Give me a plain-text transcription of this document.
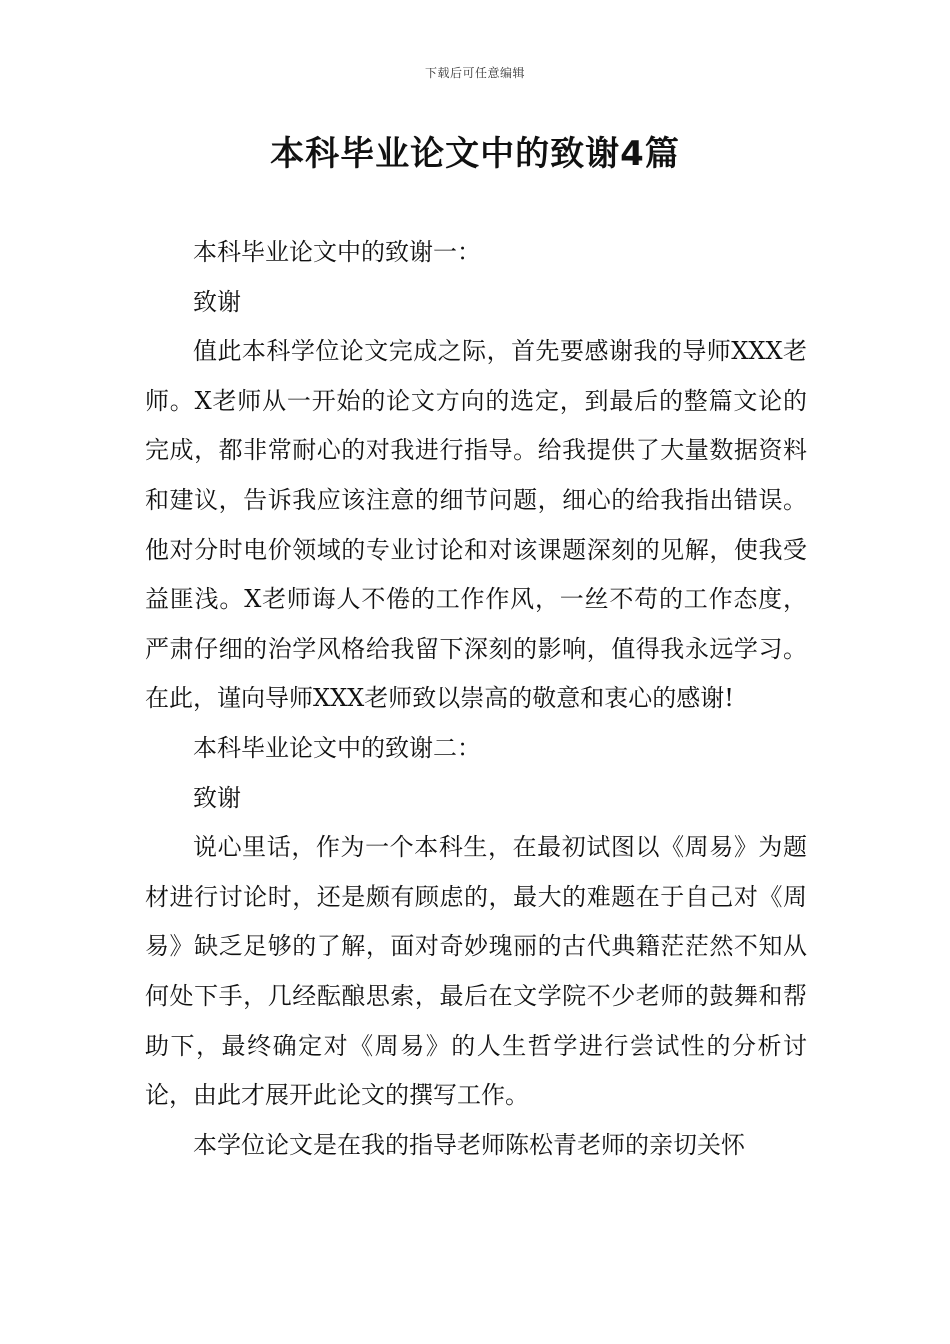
下载后可任意编辑
本科毕业论文中的致谢4篇

本科毕业论文中的致谢一：

致谢

值此本科学位论文完成之际，首先要感谢我的导师XXX老师。X老师从一开始的论文方向的选定，到最后的整篇文论的完成，都非常耐心的对我进行指导。给我提供了大量数据资料和建议，告诉我应该注意的细节问题，细心的给我指出错误。他对分时电价领域的专业讨论和对该课题深刻的见解，使我受益匪浅。X老师诲人不倦的工作作风，一丝不苟的工作态度，严肃仔细的治学风格给我留下深刻的影响，值得我永远学习。在此，谨向导师XXX老师致以崇高的敬意和衷心的感谢!

本科毕业论文中的致谢二：

致谢

说心里话，作为一个本科生，在最初试图以《周易》为题材进行讨论时，还是颇有顾虑的，最大的难题在于自己对《周易》缺乏足够的了解，面对奇妙瑰丽的古代典籍茫茫然不知从何处下手，几经酝酿思索，最后在文学院不少老师的鼓舞和帮助下，最终确定对《周易》的人生哲学进行尝试性的分析讨论，由此才展开此论文的撰写工作。

本学位论文是在我的指导老师陈松青老师的亲切关怀
